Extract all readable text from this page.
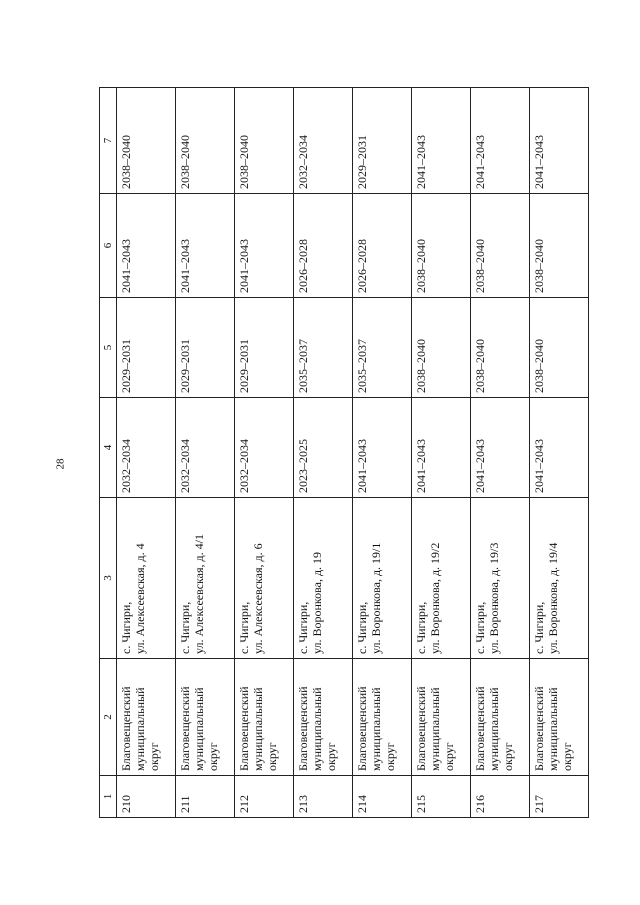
28
1	2	3	4	5	6	7
210	Благовещенский муниципальный округ	с. Чигири,
ул. Алексеевская, д. 4	2032–2034	2029–2031	2041–2043	2038–2040
211	Благовещенский муниципальный округ	с. Чигири,
ул. Алексеевская, д. 4/1	2032–2034	2029–2031	2041–2043	2038–2040
212	Благовещенский муниципальный округ	с. Чигири,
ул. Алексеевская, д. 6	2032–2034	2029–2031	2041–2043	2038–2040
213	Благовещенский муниципальный округ	с. Чигири,
ул. Воронкова, д. 19	2023–2025	2035–2037	2026–2028	2032–2034
214	Благовещенский муниципальный округ	с. Чигири,
ул. Воронкова, д. 19/1	2041–2043	2035–2037	2026–2028	2029–2031
215	Благовещенский муниципальный округ	с. Чигири,
ул. Воронкова, д. 19/2	2041–2043	2038–2040	2038–2040	2041–2043
216	Благовещенский муниципальный округ	с. Чигири,
ул. Воронкова, д. 19/3	2041–2043	2038–2040	2038–2040	2041–2043
217	Благовещенский муниципальный округ	с. Чигири,
ул. Воронкова, д. 19/4	2041–2043	2038–2040	2038–2040	2041–2043
